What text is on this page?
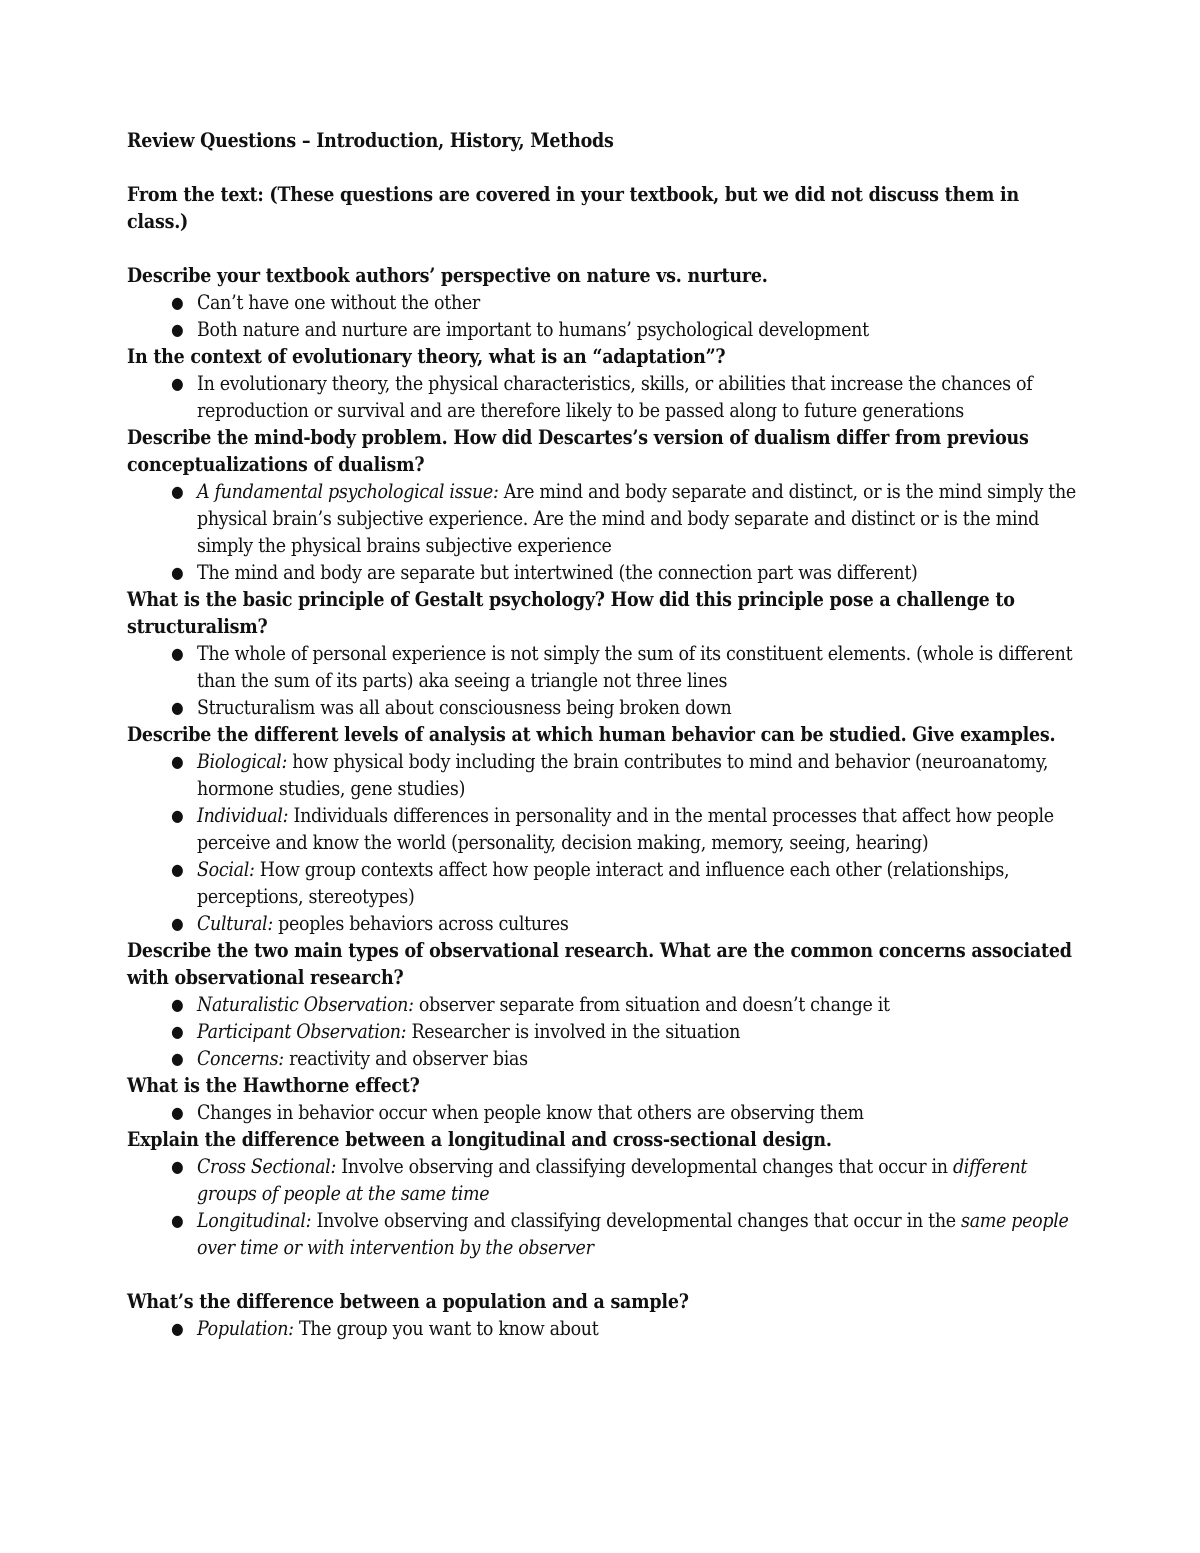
Review Questions – Introduction, History, Methods

From the text: (These questions are covered in your textbook, but we did not discuss them in class.)

Describe your textbook authors’ perspective on nature vs. nurture.

● Can’t have one without the other
● Both nature and nurture are important to humans’ psychological development

In the context of evolutionary theory, what is an “adaptation”?

● In evolutionary theory, the physical characteristics, skills, or abilities that increase the chances of reproduction or survival and are therefore likely to be passed along to future generations

Describe the mind-body problem. How did Descartes’s version of dualism differ from previous conceptualizations of dualism?

● A fundamental psychological issue: Are mind and body separate and distinct, or is the mind simply the physical brain’s subjective experience. Are the mind and body separate and distinct or is the mind simply the physical brains subjective experience
● The mind and body are separate but intertwined (the connection part was different)

What is the basic principle of Gestalt psychology? How did this principle pose a challenge to structuralism?

● The whole of personal experience is not simply the sum of its constituent elements. (whole is different than the sum of its parts) aka seeing a triangle not three lines
● Structuralism was all about consciousness being broken down

Describe the different levels of analysis at which human behavior can be studied. Give examples.

● Biological: how physical body including the brain contributes to mind and behavior (neuroanatomy, hormone studies, gene studies)
● Individual: Individuals differences in personality and in the mental processes that affect how people perceive and know the world (personality, decision making, memory, seeing, hearing)
● Social: How group contexts affect how people interact and influence each other (relationships, perceptions, stereotypes)
● Cultural: peoples behaviors across cultures

Describe the two main types of observational research. What are the common concerns associated with observational research?

● Naturalistic Observation: observer separate from situation and doesn’t change it
● Participant Observation: Researcher is involved in the situation
● Concerns: reactivity and observer bias

What is the Hawthorne effect?

● Changes in behavior occur when people know that others are observing them

Explain the difference between a longitudinal and cross-sectional design.

● Cross Sectional: Involve observing and classifying developmental changes that occur in different groups of people at the same time
● Longitudinal: Involve observing and classifying developmental changes that occur in the same people over time or with intervention by the observer

What’s the difference between a population and a sample?

● Population: The group you want to know about
